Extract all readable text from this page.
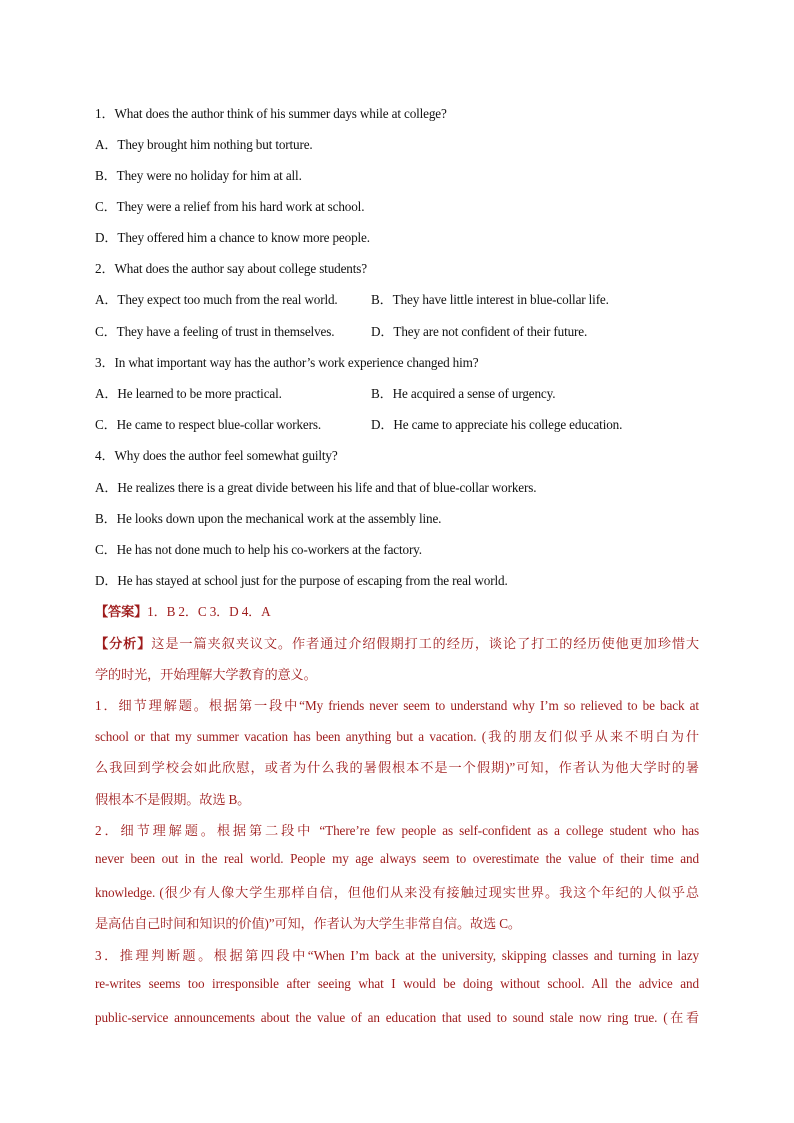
1．What does the author think of his summer days while at college?
A．They brought him nothing but torture.
B．They were no holiday for him at all.
C．They were a relief from his hard work at school.
D．They offered him a chance to know more people.
2．What does the author say about college students?
A．They expect too much from the real world.	B．They have little interest in blue-collar life.
C．They have a feeling of trust in themselves.	D．They are not confident of their future.
3．In what important way has the author’s work experience changed him?
A．He learned to be more practical.	B．He acquired a sense of urgency.
C．He came to respect blue-collar workers.	D．He came to appreciate his college education.
4．Why does the author feel somewhat guilty?
A．He realizes there is a great divide between his life and that of blue-collar workers.
B．He looks down upon the mechanical work at the assembly line.
C．He has not done much to help his co-workers at the factory.
D．He has stayed at school just for the purpose of escaping from the real world.
【答案】1．B 2．C 3．D 4．A
【分析】这是一篇夹叙夹议文。作者通过介绍假期打工的经历，谈论了打工的经历使他更加珍惜大
学的时光，开始理解大学教育的意义。
1．细节理解题。根据第一段中“My friends never seem to understand why I’m so relieved to be back at
school or that my summer vacation has been anything but a vacation. (我的朋友们似乎从来不明白为什
么我回到学校会如此欣慰，或者为什么我的暑假根本不是一个假期)”可知，作者认为他大学时的暑
假根本不是假期。故选 B。
2．细节理解题。根据第二段中 “There’re few people as self-confident as a college student who has
never been out in the real world. People my age always seem to overestimate the value of their time and
knowledge. (很少有人像大学生那样自信，但他们从来没有接触过现实世界。我这个年纪的人似乎总
是高估自己时间和知识的价值)”可知，作者认为大学生非常自信。故选 C。
3．推理判断题。根据第四段中“When I’m back at the university, skipping classes and turning in lazy
re-writes seems too irresponsible after seeing what I would be doing without school. All the advice and
public-service announcements about the value of an education that used to sound stale now ring true. (在看
